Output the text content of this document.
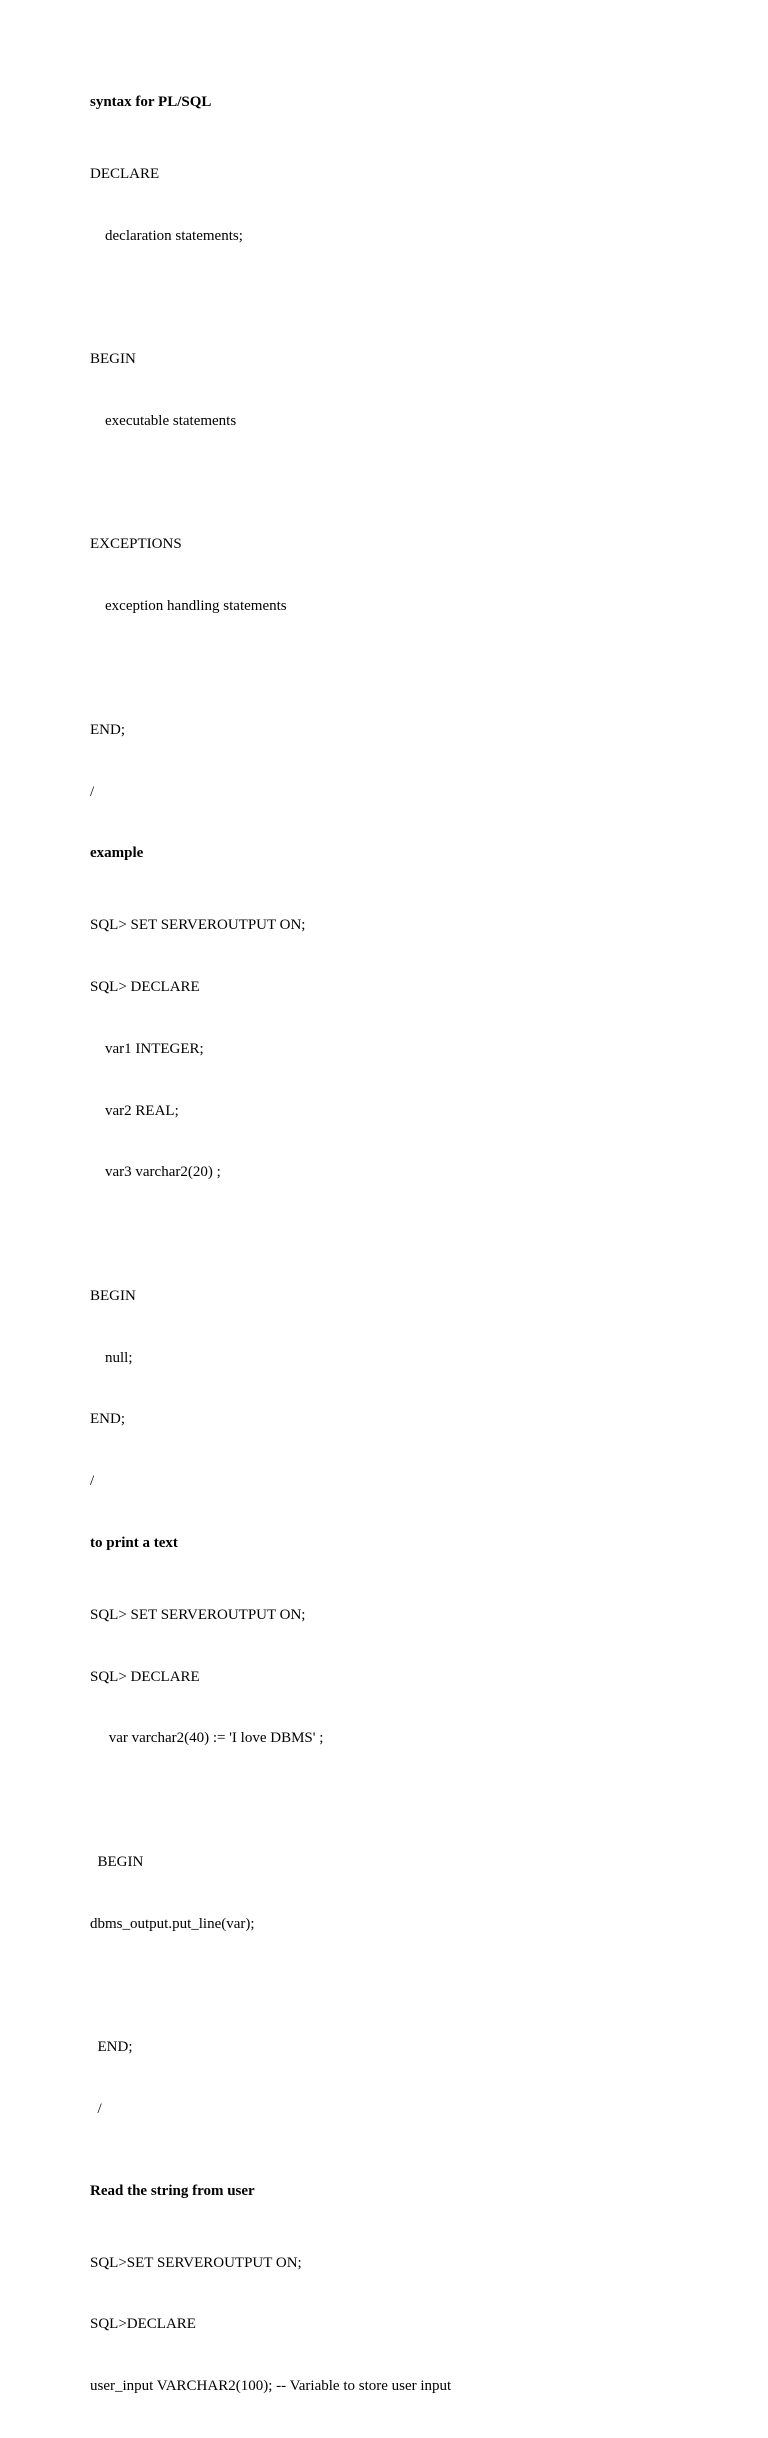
syntax for PL/SQL

DECLARE

declaration statements;

BEGIN

executable statements

EXCEPTIONS

exception handling statements

END;

/

example

SQL> SET SERVEROUTPUT ON;

SQL> DECLARE

var1 INTEGER;

var2 REAL;

var3 varchar2(20) ;

BEGIN

null;

END;

/

to print a text

SQL> SET SERVEROUTPUT ON;

SQL> DECLARE

var varchar2(40) := 'I love DBMS' ;

BEGIN

dbms_output.put_line(var);

END;

/

Read the string from user

SQL>SET SERVEROUTPUT ON;

SQL>DECLARE

user_input VARCHAR2(100); -- Variable to store user input
